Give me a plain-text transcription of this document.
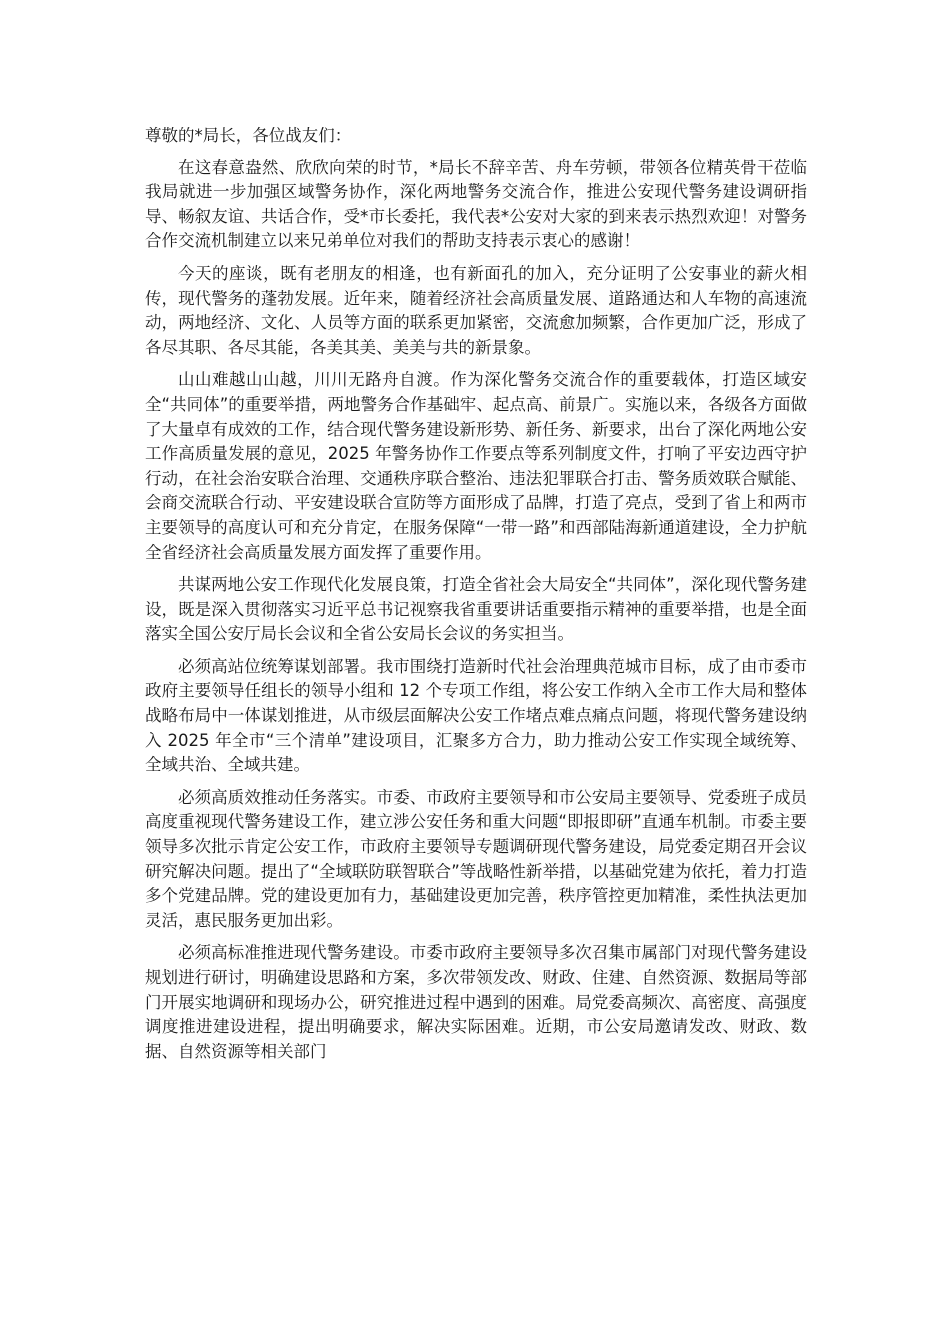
尊敬的*局长，各位战友们：

在这春意盎然、欣欣向荣的时节，*局长不辞辛苦、舟车劳顿，带领各位精英骨干莅临我局就进一步加强区域警务协作，深化两地警务交流合作，推进公安现代警务建设调研指导、畅叙友谊、共话合作，受*市长委托，我代表*公安对大家的到来表示热烈欢迎！对警务合作交流机制建立以来兄弟单位对我们的帮助支持表示衷心的感谢！

今天的座谈，既有老朋友的相逢，也有新面孔的加入，充分证明了公安事业的薪火相传，现代警务的蓬勃发展。近年来，随着经济社会高质量发展、道路通达和人车物的高速流动，两地经济、文化、人员等方面的联系更加紧密，交流愈加频繁，合作更加广泛，形成了各尽其职、各尽其能，各美其美、美美与共的新景象。

山山难越山山越，川川无路舟自渡。作为深化警务交流合作的重要载体，打造区域安全“共同体”的重要举措，两地警务合作基础牢、起点高、前景广。实施以来，各级各方面做了大量卓有成效的工作，结合现代警务建设新形势、新任务、新要求，出台了深化两地公安工作高质量发展的意见，2025 年警务协作工作要点等系列制度文件，打响了平安边西守护行动，在社会治安联合治理、交通秩序联合整治、违法犯罪联合打击、警务质效联合赋能、会商交流联合行动、平安建设联合宣防等方面形成了品牌，打造了亮点，受到了省上和两市主要领导的高度认可和充分肯定，在服务保障“一带一路”和西部陆海新通道建设，全力护航全省经济社会高质量发展方面发挥了重要作用。

共谋两地公安工作现代化发展良策，打造全省社会大局安全“共同体”，深化现代警务建设，既是深入贯彻落实习近平总书记视察我省重要讲话重要指示精神的重要举措，也是全面落实全国公安厅局长会议和全省公安局长会议的务实担当。

必须高站位统筹谋划部署。我市围绕打造新时代社会治理典范城市目标，成了由市委市政府主要领导任组长的领导小组和 12 个专项工作组，将公安工作纳入全市工作大局和整体战略布局中一体谋划推进，从市级层面解决公安工作堵点难点痛点问题，将现代警务建设纳入 2025 年全市“三个清单”建设项目，汇聚多方合力，助力推动公安工作实现全域统筹、全域共治、全域共建。

必须高质效推动任务落实。市委、市政府主要领导和市公安局主要领导、党委班子成员高度重视现代警务建设工作，建立涉公安任务和重大问题“即报即研”直通车机制。市委主要领导多次批示肯定公安工作，市政府主要领导专题调研现代警务建设，局党委定期召开会议研究解决问题。提出了“全域联防联智联合”等战略性新举措，以基础党建为依托，着力打造多个党建品牌。党的建设更加有力，基础建设更加完善，秩序管控更加精准，柔性执法更加灵活，惠民服务更加出彩。

必须高标准推进现代警务建设。市委市政府主要领导多次召集市属部门对现代警务建设规划进行研讨，明确建设思路和方案，多次带领发改、财政、住建、自然资源、数据局等部门开展实地调研和现场办公，研究推进过程中遇到的困难。局党委高频次、高密度、高强度调度推进建设进程，提出明确要求，解决实际困难。近期，市公安局邀请发改、财政、数据、自然资源等相关部门
